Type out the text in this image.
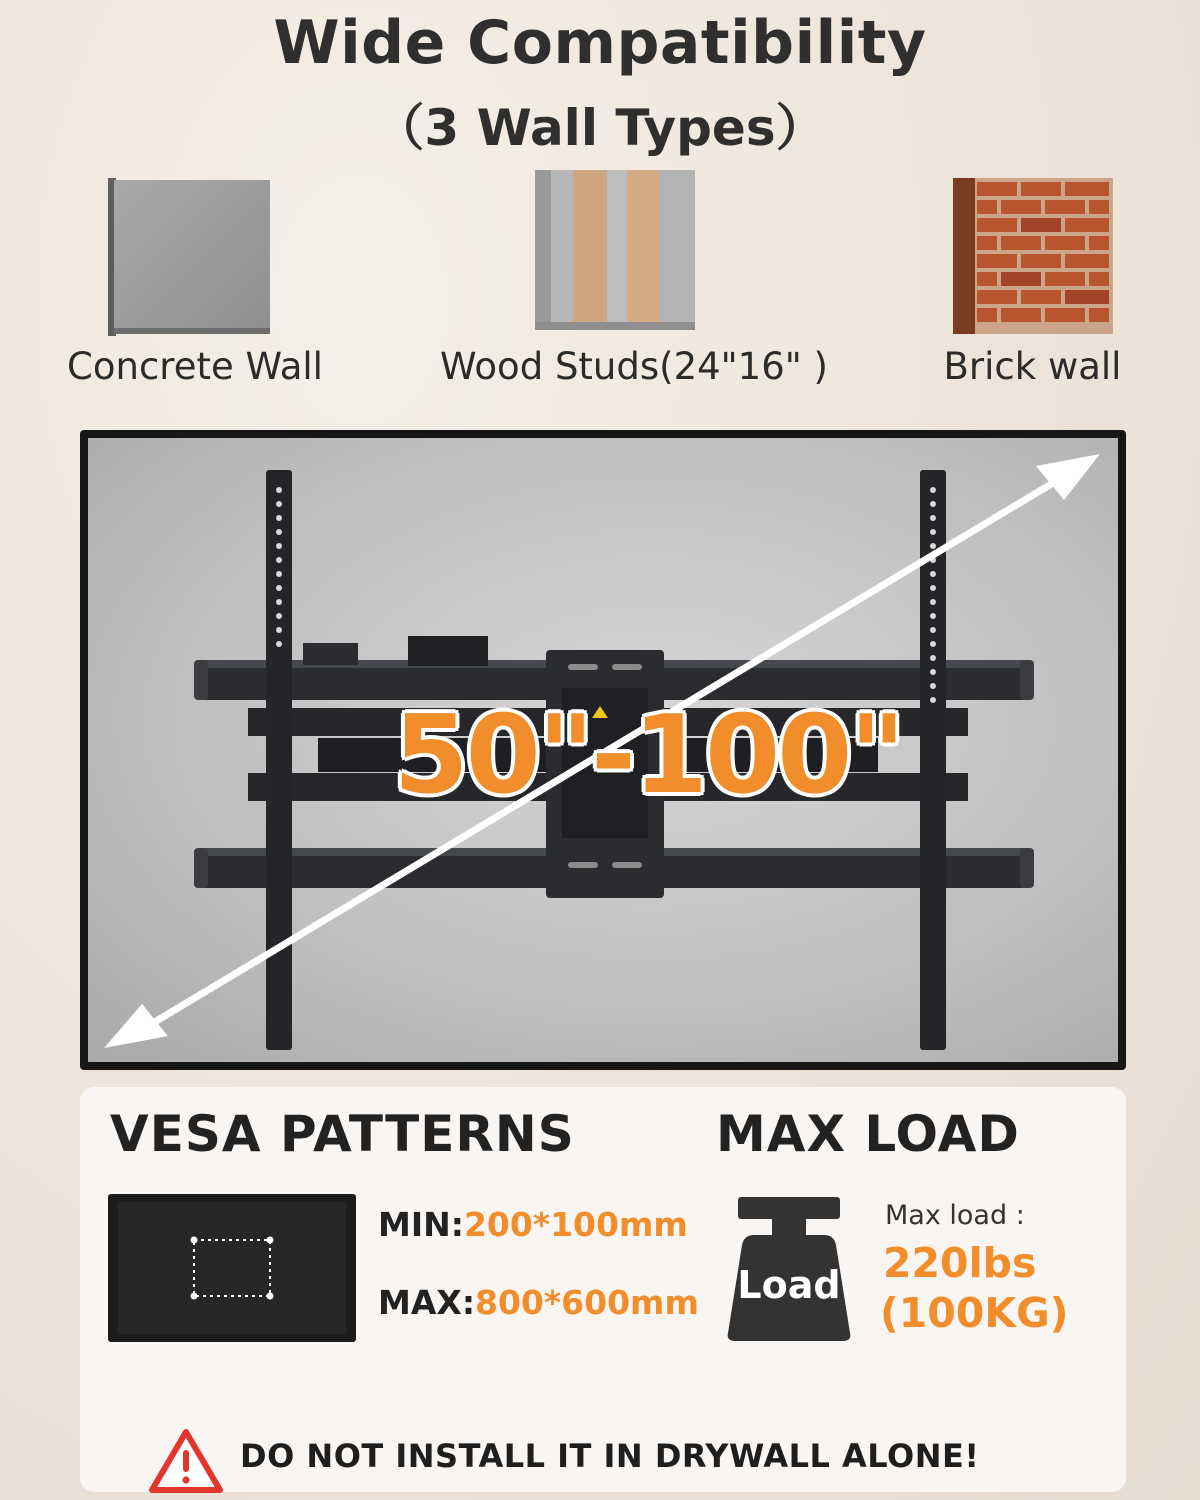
Wide Compatibility
（3 Wall Types）
Concrete Wall	Wood Studs(24"16" )	Brick wall
50"-100"
VESA PATTERNS	MAX LOAD
MIN:200*100mm
MAX:800*600mm	Load
Max load :
220lbs
(100KG)
DO NOT INSTALL IT IN DRYWALL ALONE!
